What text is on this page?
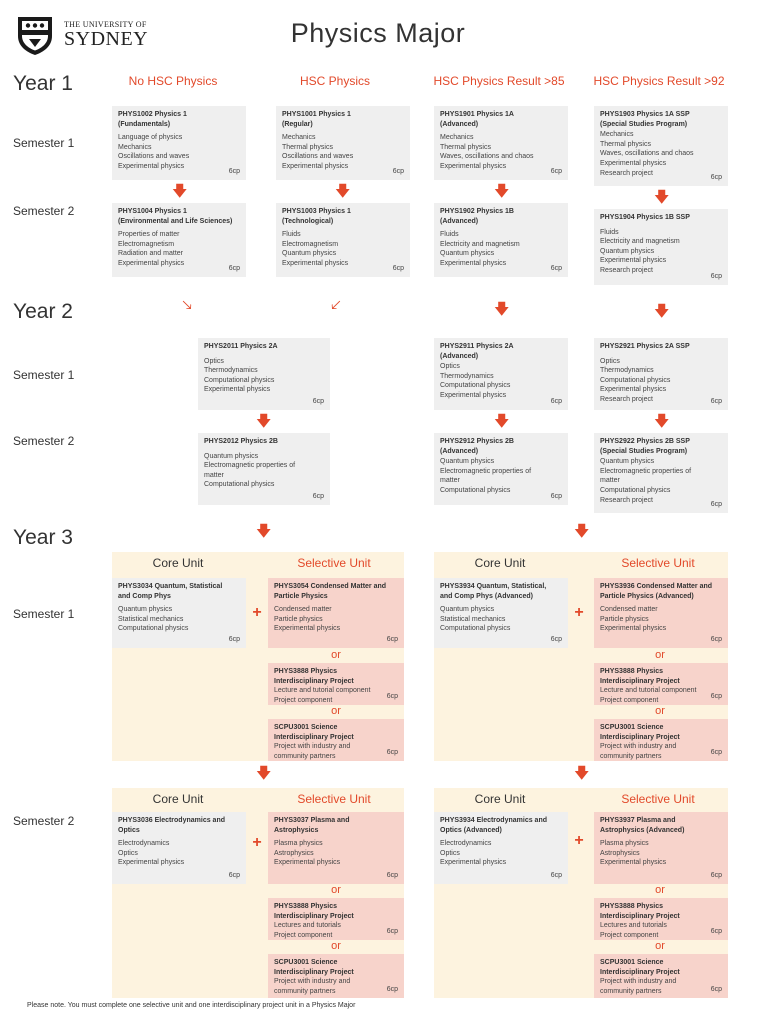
THE UNIVERSITY OF
SYDNEY	Physics Major
Year 1
Semester 1
Semester 2
Year 2
Semester 1
Semester 2
Year 3
Semester 1
Semester 2
No HSC Physics	HSC Physics	HSC Physics Result >85	HSC Physics Result >92
PHYS1002 Physics 1
(Fundamentals)
Language of physics
Mechanics
Oscillations and waves
Experimental physics
6cp
PHYS1001 Physics 1
(Regular)
Mechanics
Thermal physics
Oscillations and waves
Experimental physics
6cp
PHYS1901 Physics 1A
(Advanced)
Mechanics
Thermal physics
Waves, oscillations and chaos
Experimental physics
6cp
PHYS1903 Physics 1A SSP
(Special Studies Program)
Mechanics
Thermal physics
Waves, oscillations and chaos
Experimental physics
Research project
6cp
🡇	🡇	🡇	🡇
PHYS1004 Physics 1
(Environmental and Life Sciences)
Properties of matter
Electromagnetism
Radiation and matter
Experimental physics
6cp
PHYS1003 Physics 1
(Technological)
Fluids
Electromagnetism
Quantum physics
Experimental physics
6cp
PHYS1902 Physics 1B
(Advanced)
Fluids
Electricity and magnetism
Quantum physics
Experimental physics
6cp
PHYS1904 Physics 1B SSP
Fluids
Electricity and magnetism
Quantum physics
Experimental physics
Research project
6cp
🡖	🡗	🡇	🡇
PHYS2011 Physics 2A
Optics
Thermodynamics
Computational physics
Experimental physics
6cp
PHYS2911 Physics 2A
(Advanced)
Optics
Thermodynamics
Computational physics
Experimental physics
6cp
PHYS2921 Physics 2A SSP
Optics
Thermodynamics
Computational physics
Experimental physics
Research project	6cp
🡇	🡇	🡇
PHYS2012 Physics 2B
Quantum physics
Electromagnetic properties of
matter
Computational physics
6cp
PHYS2912 Physics 2B
(Advanced)
Quantum physics
Electromagnetic properties of
matter
Computational physics
6cp
PHYS2922 Physics 2B SSP
(Special Studies Program)
Quantum physics
Electromagnetic properties of
matter
Computational physics
Research project
6cp
🡇	🡇
Core Unit	Selective Unit
PHYS3034 Quantum, Statistical
and Comp Phys
Quantum physics
Statistical mechanics
Computational physics
6cp
+
PHYS3054 Condensed Matter and
Particle Physics
Condensed matter
Particle physics
Experimental physics
6cp
or
PHYS3888 Physics
Interdisciplinary Project
Lecture and tutorial component
Project component	6cp
or
SCPU3001 Science
Interdisciplinary Project
Project with industry and
community partners	6cp
Core Unit	Selective Unit
PHYS3934 Quantum, Statistical,
and Comp Phys (Advanced)
Quantum physics
Statistical mechanics
Computational physics
6cp
+
PHYS3936 Condensed Matter and
Particle Physics (Advanced)
Condensed matter
Particle physics
Experimental physics
6cp
or
PHYS3888 Physics
Interdisciplinary Project
Lecture and tutorial component
Project component	6cp
or
SCPU3001 Science
Interdisciplinary Project
Project with industry and
community partners	6cp
🡇	🡇
Core Unit	Selective Unit
PHYS3036 Electrodynamics and
Optics
Electrodynamics
Optics
Experimental physics
6cp
+
PHYS3037 Plasma and
Astrophysics
Plasma physics
Astrophysics
Experimental physics
6cp
or
PHYS3888 Physics
Interdisciplinary Project
Lectures and tutorials
Project component	6cp
or
SCPU3001 Science
Interdisciplinary Project
Project with industry and
community partners	6cp
Core Unit	Selective Unit
PHYS3934 Electrodynamics and
Optics (Advanced)
Electrodynamics
Optics
Experimental physics
6cp
+
PHYS3937 Plasma and
Astrophysics (Advanced)
Plasma physics
Astrophysics
Experimental physics
6cp
or
PHYS3888 Physics
Interdisciplinary Project
Lectures and tutorials
Project component	6cp
or
SCPU3001 Science
Interdisciplinary Project
Project with industry and
community partners	6cp
Please note. You must complete one selective unit and one interdisciplinary project unit in a Physics Major
